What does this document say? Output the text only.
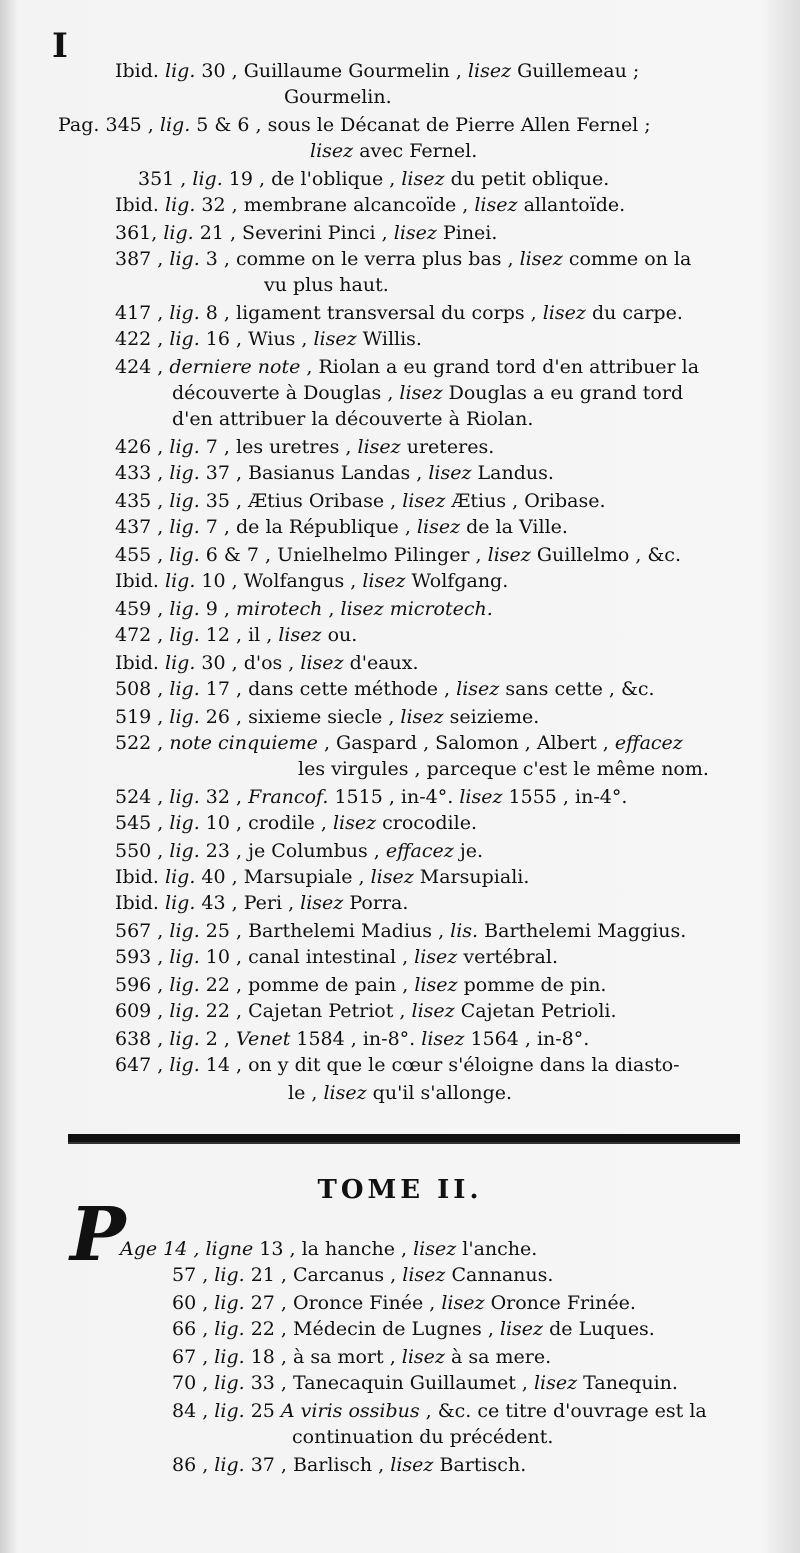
I
Ibid. lig. 30 , Guillaume Gourmelin , lisez Guillemeau ;
Gourmelin.
Pag. 345 , lig. 5 & 6 , sous le Décanat de Pierre Allen Fernel ;
lisez avec Fernel.
351 , lig. 19 , de l'oblique , lisez du petit oblique.
Ibid. lig. 32 , membrane alcancoïde , lisez allantoïde.
361, lig. 21 , Severini Pinci , lisez Pinei.
387 , lig. 3 , comme on le verra plus bas , lisez comme on la
vu plus haut.
417 , lig. 8 , ligament transversal du corps , lisez du carpe.
422 , lig. 16 , Wius , lisez Willis.
424 , derniere note , Riolan a eu grand tord d'en attribuer la
découverte à Douglas , lisez Douglas a eu grand tord
d'en attribuer la découverte à Riolan.
426 , lig. 7 , les uretres , lisez ureteres.
433 , lig. 37 , Basianus Landas , lisez Landus.
435 , lig. 35 , Ætius Oribase , lisez Ætius , Oribase.
437 , lig. 7 , de la République , lisez de la Ville.
455 , lig. 6 & 7 , Unielhelmo Pilinger , lisez Guillelmo , &c.
Ibid. lig. 10 , Wolfangus , lisez Wolfgang.
459 , lig. 9 , mirotech , lisez microtech.
472 , lig. 12 , il , lisez ou.
Ibid. lig. 30 , d'os , lisez d'eaux.
508 , lig. 17 , dans cette méthode , lisez sans cette , &c.
519 , lig. 26 , sixieme siecle , lisez seizieme.
522 , note cinquieme , Gaspard , Salomon , Albert , effacez
les virgules , parceque c'est le même nom.
524 , lig. 32 , Francof. 1515 , in-4°. lisez 1555 , in-4°.
545 , lig. 10 , crodile , lisez crocodile.
550 , lig. 23 , je Columbus , effacez je.
Ibid. lig. 40 , Marsupiale , lisez Marsupiali.
Ibid. lig. 43 , Peri , lisez Porra.
567 , lig. 25 , Barthelemi Madius , lis. Barthelemi Maggius.
593 , lig. 10 , canal intestinal , lisez vertébral.
596 , lig. 22 , pomme de pain , lisez pomme de pin.
609 , lig. 22 , Cajetan Petriot , lisez Cajetan Petrioli.
638 , lig. 2 , Venet 1584 , in-8°. lisez 1564 , in-8°.
647 , lig. 14 , on y dit que le cœur s'éloigne dans la diasto-
le , lisez qu'il s'allonge.
TOME II.
P
Age 14 , ligne 13 , la hanche , lisez l'anche.
57 , lig. 21 , Carcanus , lisez Cannanus.
60 , lig. 27 , Oronce Finée , lisez Oronce Frinée.
66 , lig. 22 , Médecin de Lugnes , lisez de Luques.
67 , lig. 18 , à sa mort , lisez à sa mere.
70 , lig. 33 , Tanecaquin Guillaumet , lisez Tanequin.
84 , lig. 25 A viris ossibus , &c. ce titre d'ouvrage est la
continuation du précédent.
86 , lig. 37 , Barlisch , lisez Bartisch.
